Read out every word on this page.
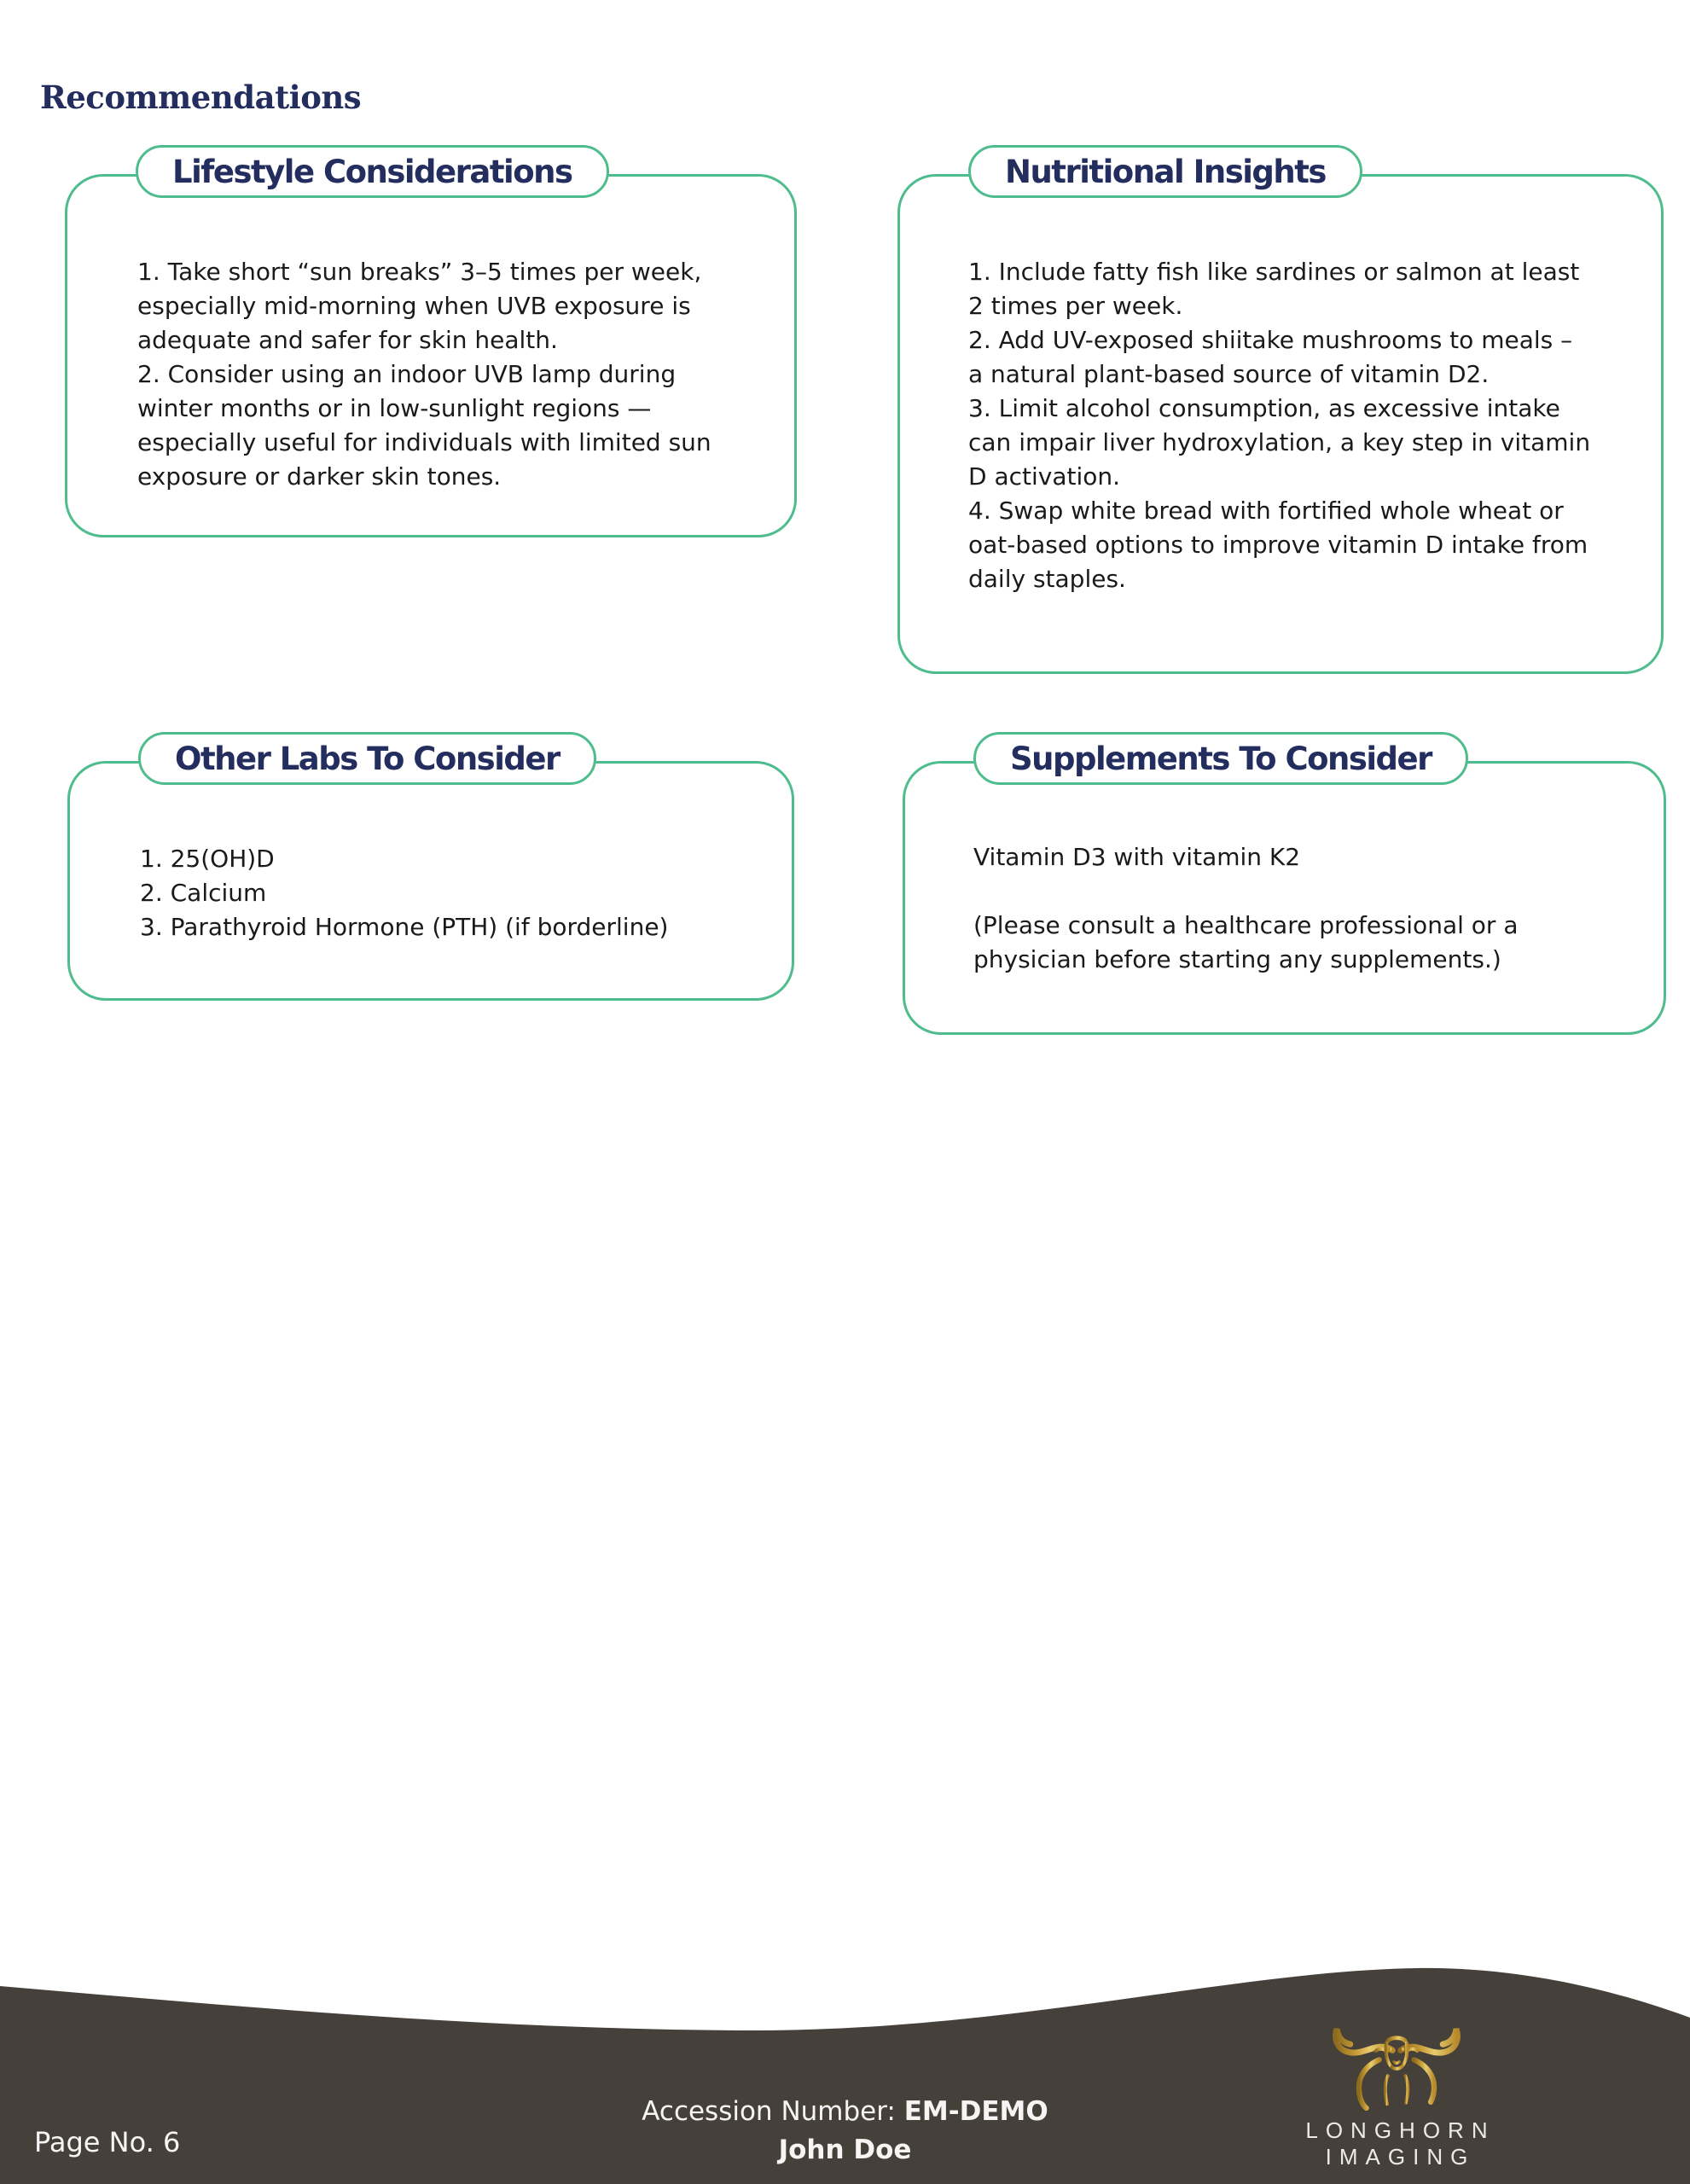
Recommendations
Lifestyle Considerations
1. Take short “sun breaks” 3–5 times per week, especially mid-morning when UVB exposure is adequate and safer for skin health.
2. Consider using an indoor UVB lamp during winter months or in low-sunlight regions — especially useful for individuals with limited sun exposure or darker skin tones.
Nutritional Insights
1. Include fatty fish like sardines or salmon at least 2 times per week.
2. Add UV-exposed shiitake mushrooms to meals – a natural plant-based source of vitamin D2.
3. Limit alcohol consumption, as excessive intake can impair liver hydroxylation, a key step in vitamin D activation.
4. Swap white bread with fortified whole wheat or oat-based options to improve vitamin D intake from daily staples.
Other Labs To Consider
1. 25(OH)D
2. Calcium
3. Parathyroid Hormone (PTH) (if borderline)
Supplements To Consider
Vitamin D3 with vitamin K2
(Please consult a healthcare professional or a physician before starting any supplements.)
Page No. 6
Accession Number: EM-DEMO
John Doe
LONGHORN
IMAGING
